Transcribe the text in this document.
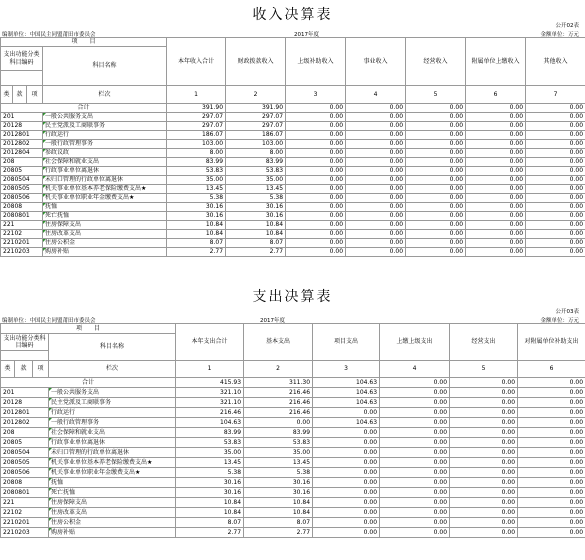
收入决算表
公开02表
编制单位：中国民主同盟莆田市委员会	2017年度	金额单位：万元
项　　目				本年收入合计	财政拨款收入	上级补助收入	事业收入	经营收入	附属单位上缴收入	其他收入
支出功能分类科目编码			科目名称							

类	款	项	栏次	1	2	3	4	5	6	7
合计				391.90	391.90	0.00	0.00	0.00	0.00	0.00
201			一般公共服务支出	297.07	297.07	0.00	0.00	0.00	0.00	0.00
20128			民主党派及工商联事务	297.07	297.07	0.00	0.00	0.00	0.00	0.00
2012801			行政运行	186.07	186.07	0.00	0.00	0.00	0.00	0.00
2012802			一般行政管理事务	103.00	103.00	0.00	0.00	0.00	0.00	0.00
2012804			参政议政	8.00	8.00	0.00	0.00	0.00	0.00	0.00
208			社会保障和就业支出	83.99	83.99	0.00	0.00	0.00	0.00	0.00
20805			行政事业单位离退休	53.83	53.83	0.00	0.00	0.00	0.00	0.00
2080504			未归口管理的行政单位离退休	35.00	35.00	0.00	0.00	0.00	0.00	0.00
2080505			机关事业单位基本养老保险缴费支出★	13.45	13.45	0.00	0.00	0.00	0.00	0.00
2080506			机关事业单位职业年金缴费支出★	5.38	5.38	0.00	0.00	0.00	0.00	0.00
20808			抚恤	30.16	30.16	0.00	0.00	0.00	0.00	0.00
2080801			死亡抚恤	30.16	30.16	0.00	0.00	0.00	0.00	0.00
221			住房保障支出	10.84	10.84	0.00	0.00	0.00	0.00	0.00
22102			住房改革支出	10.84	10.84	0.00	0.00	0.00	0.00	0.00
2210201			住房公积金	8.07	8.07	0.00	0.00	0.00	0.00	0.00
2210203			购房补贴	2.77	2.77	0.00	0.00	0.00	0.00	0.00
支出决算表
公开03表
编制单位：中国民主同盟莆田市委员会	2017年度	金额单位：万元
项　　目				本年支出合计	基本支出	项目支出	上缴上级支出	经营支出	对附属单位补助支出
支出功能分类科目编码			科目名称						

类	款	项	栏次	1	2	3	4	5	6
合计				415.93	311.30	104.63	0.00	0.00	0.00
201			一般公共服务支出	321.10	216.46	104.63	0.00	0.00	0.00
20128			民主党派及工商联事务	321.10	216.46	104.63	0.00	0.00	0.00
2012801			行政运行	216.46	216.46	0.00	0.00	0.00	0.00
2012802			一般行政管理事务	104.63	0.00	104.63	0.00	0.00	0.00
208			社会保障和就业支出	83.99	83.99	0.00	0.00	0.00	0.00
20805			行政事业单位离退休	53.83	53.83	0.00	0.00	0.00	0.00
2080504			未归口管理的行政单位离退休	35.00	35.00	0.00	0.00	0.00	0.00
2080505			机关事业单位基本养老保险缴费支出★	13.45	13.45	0.00	0.00	0.00	0.00
2080506			机关事业单位职业年金缴费支出★	5.38	5.38	0.00	0.00	0.00	0.00
20808			抚恤	30.16	30.16	0.00	0.00	0.00	0.00
2080801			死亡抚恤	30.16	30.16	0.00	0.00	0.00	0.00
221			住房保障支出	10.84	10.84	0.00	0.00	0.00	0.00
22102			住房改革支出	10.84	10.84	0.00	0.00	0.00	0.00
2210201			住房公积金	8.07	8.07	0.00	0.00	0.00	0.00
2210203			购房补贴	2.77	2.77	0.00	0.00	0.00	0.00
